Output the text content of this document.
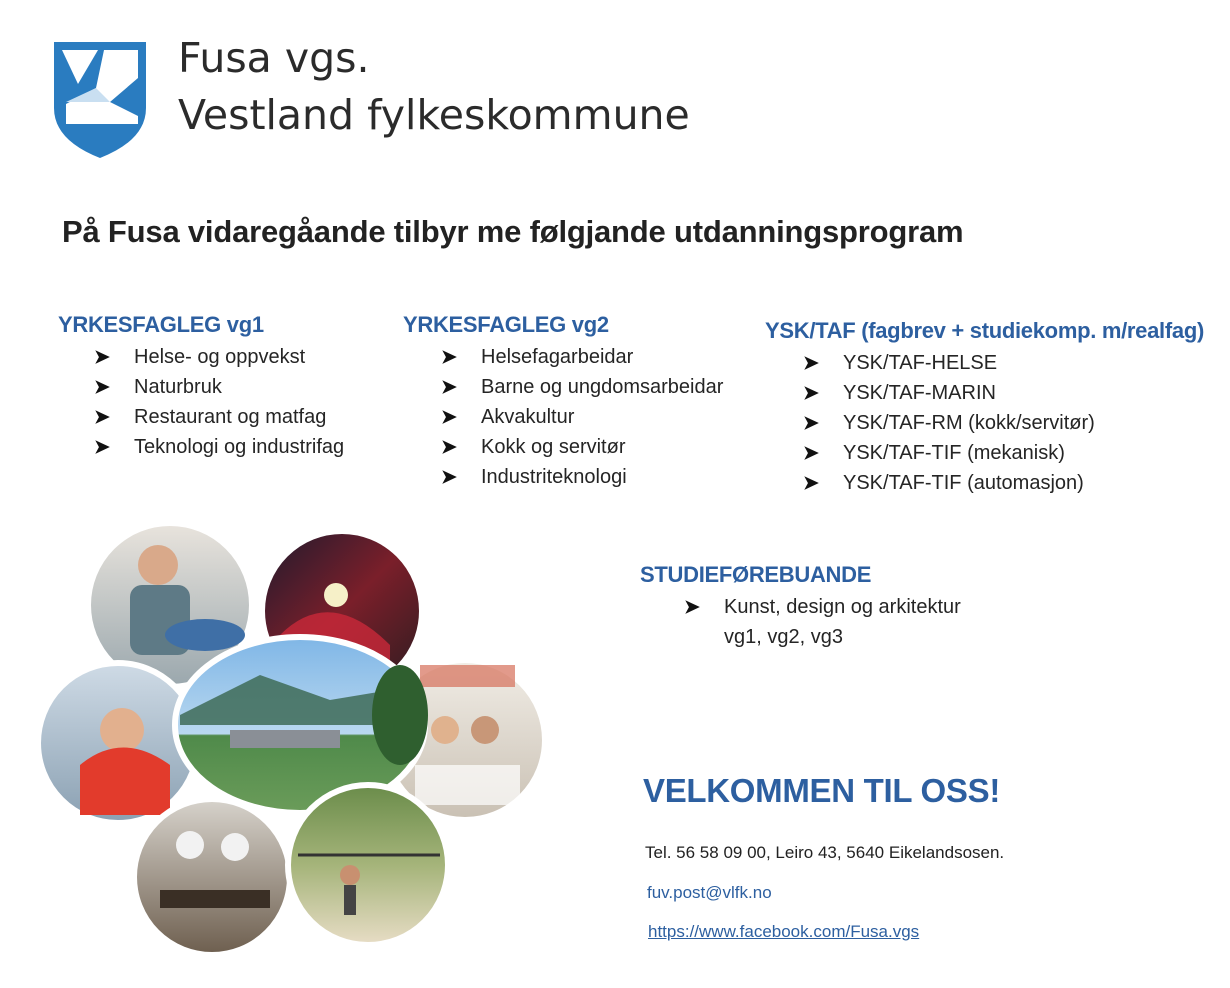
Fusa vgs.
Vestland fylkeskommune
På Fusa vidaregåande tilbyr me følgjande utdanningsprogram
YRKESFAGLEG vg1
➤ Helse- og oppvekst
➤ Naturbruk
➤ Restaurant og matfag
➤ Teknologi og industrifag
YRKESFAGLEG vg2
➤ Helsefagarbeidar
➤ Barne og ungdomsarbeidar
➤ Akvakultur
➤ Kokk og servitør
➤ Industriteknologi
YSK/TAF (fagbrev + studiekomp. m/realfag)
➤ YSK/TAF-HELSE
➤ YSK/TAF-MARIN
➤ YSK/TAF-RM (kokk/servitør)
➤ YSK/TAF-TIF (mekanisk)
➤ YSK/TAF-TIF (automasjon)
STUDIEFØREBUANDE
➤ Kunst, design og arkitektur
vg1, vg2, vg3
VELKOMMEN TIL OSS!
Tel. 56 58 09 00, Leiro 43, 5640 Eikelandsosen.
fuv.post@vlfk.no
https://www.facebook.com/Fusa.vgs
